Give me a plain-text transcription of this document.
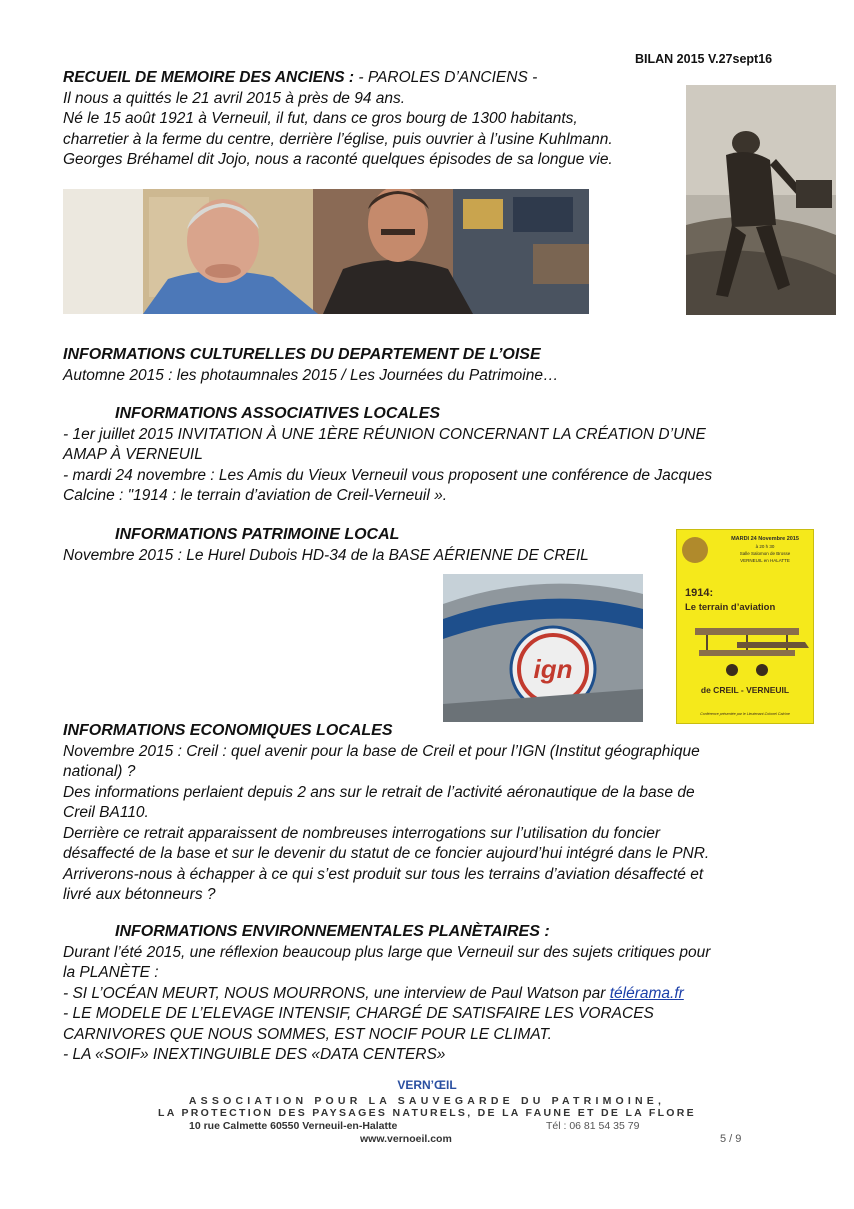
BILAN 2015 V.27sept16
RECUEIL DE MEMOIRE DES ANCIENS : - PAROLES D’ANCIENS -
Il nous a quittés le 21 avril 2015 à près de 94 ans.
Né le 15 août 1921 à Verneuil, il fut, dans ce gros bourg de 1300 habitants,
charretier à la ferme du centre, derrière l’église, puis ouvrier à l’usine Kuhlmann.
Georges Bréhamel dit Jojo, nous a raconté quelques épisodes de sa longue vie.
INFORMATIONS CULTURELLES DU DEPARTEMENT DE L’OISE
Automne 2015 : les photaumnales 2015 / Les Journées du Patrimoine…
INFORMATIONS ASSOCIATIVES LOCALES
- 1er juillet 2015 INVITATION À UNE 1ÈRE RÉUNION CONCERNANT LA CRÉATION D’UNE
AMAP À VERNEUIL
- mardi 24 novembre : Les Amis du Vieux Verneuil vous proposent une conférence de Jacques
Calcine : "1914 : le terrain d’aviation de Creil-Verneuil ».
INFORMATIONS PATRIMOINE LOCAL
Novembre 2015 : Le Hurel Dubois HD-34 de la BASE AÉRIENNE DE CREIL
ign
MARDI 24 Novembre 2015
à 20 h 30
Salle Salomon de Brosse
VERNEUIL en HALATTE
1914:
Le terrain d’aviation
de CREIL - VERNEUIL
Conférence présentée par le Lieutenant-Colonel Calcine
INFORMATIONS ECONOMIQUES LOCALES
Novembre 2015 : Creil : quel avenir pour la base de Creil et pour l’IGN (Institut géographique
national) ?
Des informations perlaient depuis 2 ans sur le retrait de l’activité aéronautique de la base de
Creil BA110.
Derrière ce retrait apparaissent de nombreuses interrogations sur l’utilisation du foncier
désaffecté de la base et sur le devenir du statut de ce foncier aujourd’hui intégré dans le PNR.
Arriverons-nous à échapper à ce qui s’est produit sur tous les terrains d’aviation désaffecté et
livré aux bétonneurs ?
INFORMATIONS ENVIRONNEMENTALES PLANÈTAIRES :
Durant l’été 2015, une réflexion beaucoup plus large que Verneuil sur des sujets critiques pour
la PLANÈTE :
- SI L’OCÉAN MEURT, NOUS MOURRONS, une interview de Paul Watson par télérama.fr
- LE MODELE DE L’ELEVAGE INTENSIF, CHARGÉ DE SATISFAIRE LES VORACES
CARNIVORES QUE NOUS SOMMES, EST NOCIF POUR LE CLIMAT.
- LA «SOIF» INEXTINGUIBLE DES «DATA CENTERS»
VERN’ŒIL
ASSOCIATION POUR LA SAUVEGARDE DU PATRIMOINE,
LA PROTECTION DES PAYSAGES NATURELS, DE LA FAUNE ET DE LA FLORE
10 rue Calmette 60550 Verneuil-en-Halatte	Tél : 06 81 54 35 79
www.vernoeil.com	5 / 9
